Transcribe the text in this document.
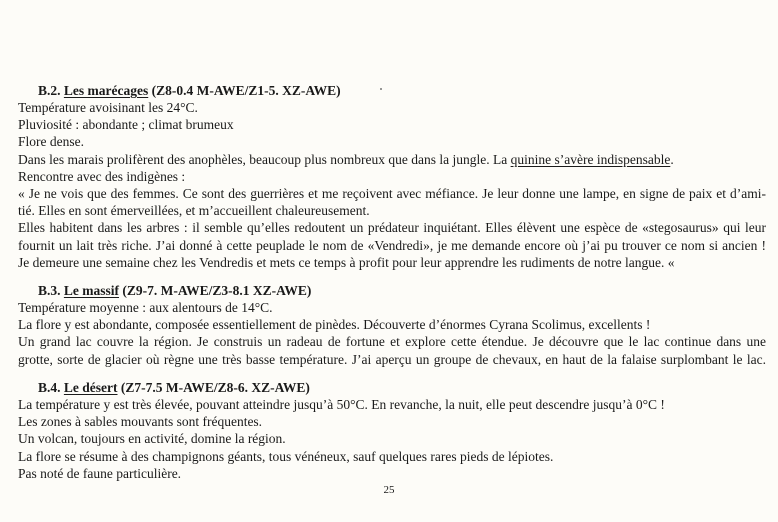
B.2. Les marécages (Z8-0.4 M-AWE/Z1-5. XZ-AWE)
Température avoisinant les 24°C.
Pluviosité : abondante ; climat brumeux
Flore dense.
Dans les marais prolifèrent des anophèles, beaucoup plus nombreux que dans la jungle. La quinine s’avère indispensable.
Rencontre avec des indigènes :
« Je ne vois que des femmes. Ce sont des guerrières et me reçoivent avec méfiance. Je leur donne une lampe, en signe de paix et d’ami-
tié. Elles en sont émerveillées, et m’accueillent chaleureusement.
Elles habitent dans les arbres : il semble qu’elles redoutent un prédateur inquiétant. Elles élèvent une espèce de «stegosaurus» qui leur
fournit un lait très riche. J’ai donné à cette peuplade le nom de «Vendredi», je me demande encore où j’ai pu trouver ce nom si ancien !
Je demeure une semaine chez les Vendredis et mets ce temps à profit pour leur apprendre les rudiments de notre langue. «
B.3. Le massif (Z9-7. M-AWE/Z3-8.1 XZ-AWE)
Température moyenne : aux alentours de 14°C.
La flore y est abondante, composée essentiellement de pinèdes. Découverte d’énormes Cyrana Scolimus, excellents !
Un grand lac couvre la région. Je construis un radeau de fortune et explore cette étendue. Je découvre que le lac continue dans une
grotte, sorte de glacier où règne une très basse température. J’ai aperçu un groupe de chevaux, en haut de la falaise surplombant le lac.
B.4. Le désert (Z7-7.5 M-AWE/Z8-6. XZ-AWE)
La température y est très élevée, pouvant atteindre jusqu’à 50°C. En revanche, la nuit, elle peut descendre jusqu’à 0°C !
Les zones à sables mouvants sont fréquentes.
Un volcan, toujours en activité, domine la région.
La flore se résume à des champignons géants, tous vénéneux, sauf quelques rares pieds de lépiotes.
Pas noté de faune particulière.
25
